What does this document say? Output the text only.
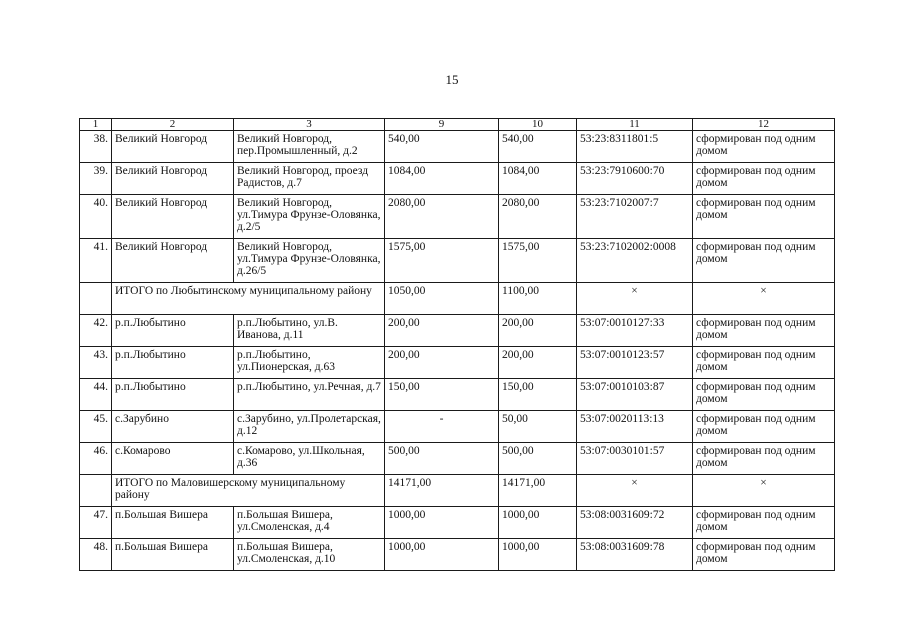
15
1	2	3	9	10	11	12
38.	Великий Новгород	Великий Новгород, пер.Промышленный, д.2	540,00	540,00	53:23:8311801:5	сформирован под одним домом
39.	Великий Новгород	Великий Новгород, проезд Радистов, д.7	1084,00	1084,00	53:23:7910600:70	сформирован под одним домом
40.	Великий Новгород	Великий Новгород, ул.Тимура Фрунзе-Оловянка, д.2/5	2080,00	2080,00	53:23:7102007:7	сформирован под одним домом
41.	Великий Новгород	Великий Новгород, ул.Тимура Фрунзе-Оловянка, д.26/5	1575,00	1575,00	53:23:7102002:0008	сформирован под одним домом
	ИТОГО по Любытинскому муниципальному району		1050,00	1100,00	×	×
42.	р.п.Любытино	р.п.Любытино, ул.В. Иванова, д.11	200,00	200,00	53:07:0010127:33	сформирован под одним домом
43.	р.п.Любытино	р.п.Любытино, ул.Пионерская, д.63	200,00	200,00	53:07:0010123:57	сформирован под одним домом
44.	р.п.Любытино	р.п.Любытино, ул.Речная, д.7	150,00	150,00	53:07:0010103:87	сформирован под одним домом
45.	с.Зарубино	с.Зарубино, ул.Пролетарская, д.12	-	50,00	53:07:0020113:13	сформирован под одним домом
46.	с.Комарово	с.Комарово, ул.Школьная, д.36	500,00	500,00	53:07:0030101:57	сформирован под одним домом
	ИТОГО по Маловишерскому муниципальному району		14171,00	14171,00	×	×
47.	п.Большая Вишера	п.Большая Вишера, ул.Смоленская, д.4	1000,00	1000,00	53:08:0031609:72	сформирован под одним домом
48.	п.Большая Вишера	п.Большая Вишера, ул.Смоленская, д.10	1000,00	1000,00	53:08:0031609:78	сформирован под одним домом
